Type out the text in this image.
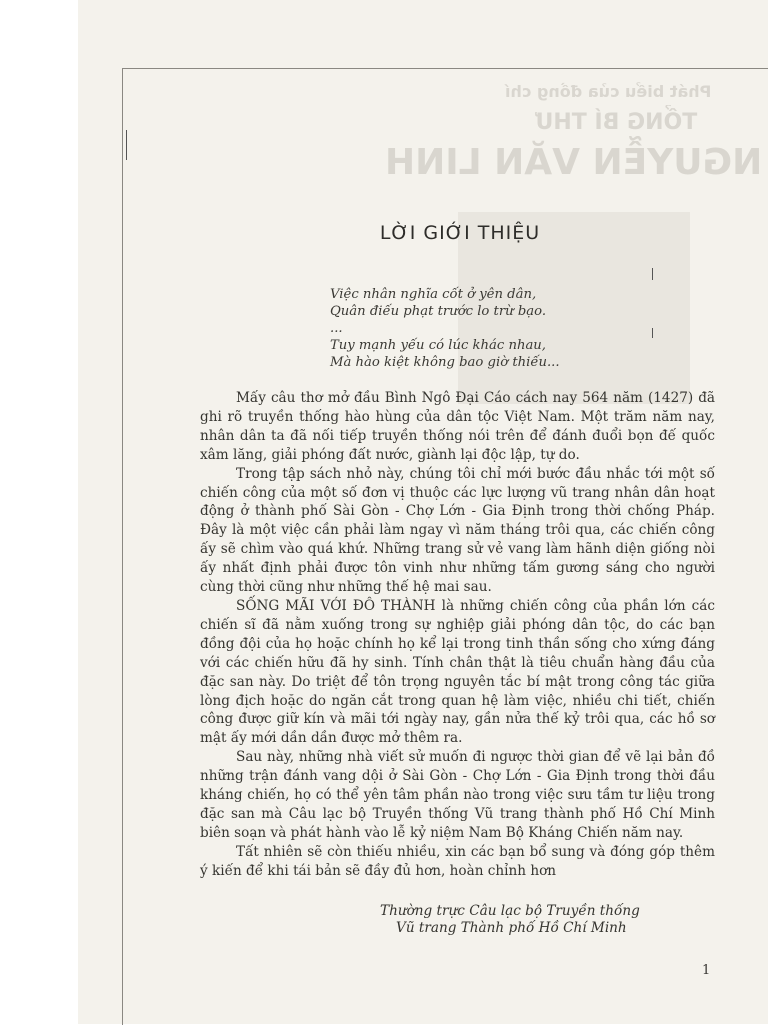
Phát biểu của đồng chí
TỔNG BÍ THƯ
NGUYỄN VĂN LINH
LỜI GIỚI THIỆU
Việc nhân nghĩa cốt ở yên dân,
Quân điếu phạt trước lo trừ bạo.
...
Tuy mạnh yếu có lúc khác nhau,
Mà hào kiệt không bao giờ thiếu...

Mấy câu thơ mở đầu Bình Ngô Đại Cáo cách nay 564 năm (1427) đã ghi rõ truyền thống hào hùng của dân tộc Việt Nam. Một trăm năm nay, nhân dân ta đã nối tiếp truyền thống nói trên để đánh đuổi bọn đế quốc xâm lăng, giải phóng đất nước, giành lại độc lập, tự do.

Trong tập sách nhỏ này, chúng tôi chỉ mới bước đầu nhắc tới một số chiến công của một số đơn vị thuộc các lực lượng vũ trang nhân dân hoạt động ở thành phố Sài Gòn - Chợ Lớn - Gia Định trong thời chống Pháp. Đây là một việc cần phải làm ngay vì năm tháng trôi qua, các chiến công ấy sẽ chìm vào quá khứ. Những trang sử vẻ vang làm hãnh diện giống nòi ấy nhất định phải được tôn vinh như những tấm gương sáng cho người cùng thời cũng như những thế hệ mai sau.

SỐNG MÃI VỚI ĐÔ THÀNH là những chiến công của phần lớn các chiến sĩ đã nằm xuống trong sự nghiệp giải phóng dân tộc, do các bạn đồng đội của họ hoặc chính họ kể lại trong tinh thần sống cho xứng đáng với các chiến hữu đã hy sinh. Tính chân thật là tiêu chuẩn hàng đầu của đặc san này. Do triệt để tôn trọng nguyên tắc bí mật trong công tác giữa lòng địch hoặc do ngăn cắt trong quan hệ làm việc, nhiều chi tiết, chiến công được giữ kín và mãi tới ngày nay, gần nửa thế kỷ trôi qua, các hồ sơ mật ấy mới dần dần được mở thêm ra.

Sau này, những nhà viết sử muốn đi ngược thời gian để vẽ lại bản đồ những trận đánh vang dội ở Sài Gòn - Chợ Lớn - Gia Định trong thời đầu kháng chiến, họ có thể yên tâm phần nào trong việc sưu tầm tư liệu trong đặc san mà Câu lạc bộ Truyền thống Vũ trang thành phố Hồ Chí Minh biên soạn và phát hành vào lễ kỷ niệm Nam Bộ Kháng Chiến năm nay.

Tất nhiên sẽ còn thiếu nhiều, xin các bạn bổ sung và đóng góp thêm ý kiến để khi tái bản sẽ đầy đủ hơn, hoàn chỉnh hơn

Thường trực Câu lạc bộ Truyền thống
Vũ trang Thành phố Hồ Chí Minh
1
